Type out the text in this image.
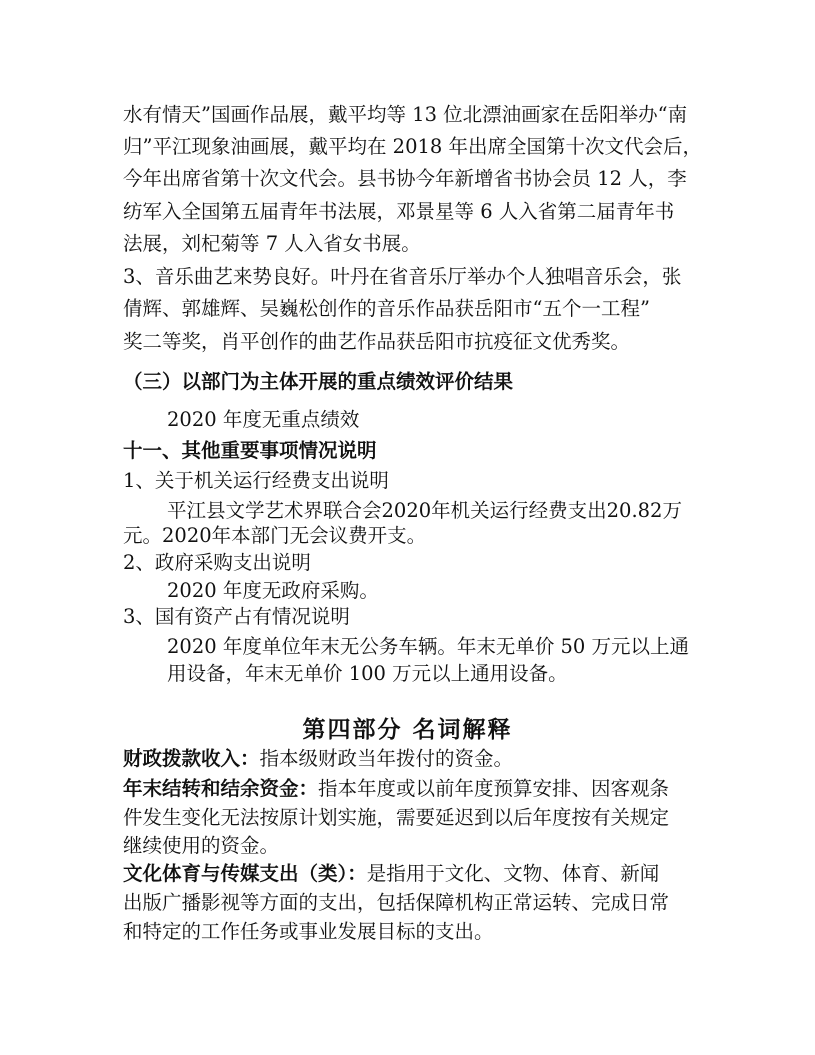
水有情天”国画作品展，戴平均等 13 位北漂油画家在岳阳举办“南
归”平江现象油画展，戴平均在 2018 年出席全国第十次文代会后，
今年出席省第十次文代会。县书协今年新增省书协会员 12 人，李
纺军入全国第五届青年书法展，邓景星等 6 人入省第二届青年书
法展，刘杞菊等 7 人入省女书展。
3、音乐曲艺来势良好。叶丹在省音乐厅举办个人独唱音乐会，张
倩辉、郭雄辉、吴巍松创作的音乐作品获岳阳市“五个一工程”
奖二等奖，肖平创作的曲艺作品获岳阳市抗疫征文优秀奖。
（三）以部门为主体开展的重点绩效评价结果
2020 年度无重点绩效
十一、其他重要事项情况说明
1、关于机关运行经费支出说明
平江县文学艺术界联合会2020年机关运行经费支出20.82万
元。2020年本部门无会议费开支。
2、政府采购支出说明
2020 年度无政府采购。
3、国有资产占有情况说明
2020 年度单位年末无公务车辆。年末无单价 50 万元以上通
用设备，年末无单价 100 万元以上通用设备。
第四部分 名词解释
财政拨款收入：指本级财政当年拨付的资金。
年末结转和结余资金：指本年度或以前年度预算安排、因客观条
件发生变化无法按原计划实施，需要延迟到以后年度按有关规定
继续使用的资金。
文化体育与传媒支出（类）：是指用于文化、文物、体育、新闻
出版广播影视等方面的支出，包括保障机构正常运转、完成日常
和特定的工作任务或事业发展目标的支出。
